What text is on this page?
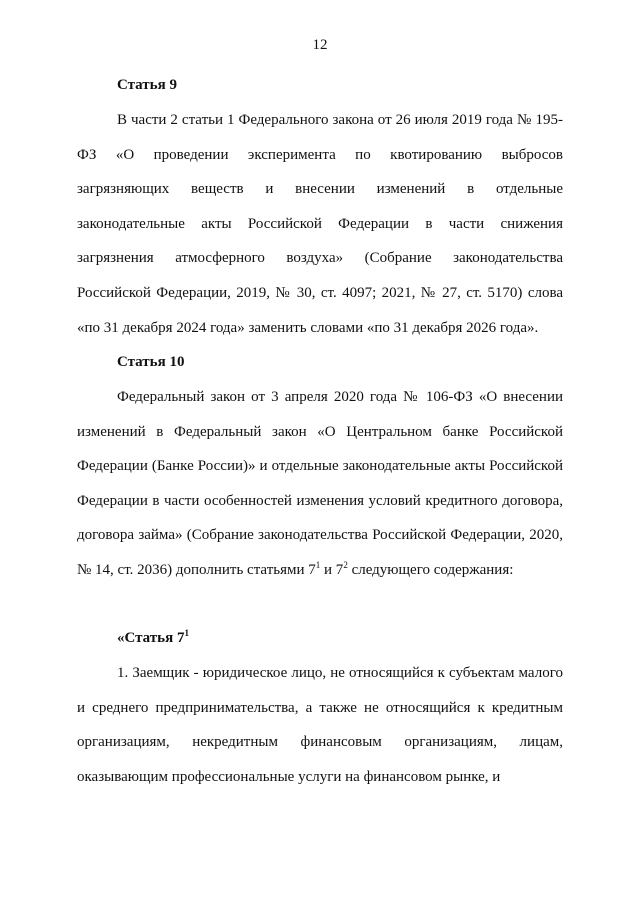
12
Статья 9

В части 2 статьи 1 Федерального закона от 26 июля 2019 года № 195-ФЗ «О проведении эксперимента по квотированию выбросов загрязняющих веществ и внесении изменений в отдельные законодательные акты Российской Федерации в части снижения загрязнения атмосферного воздуха» (Собрание законодательства Российской Федерации, 2019, № 30, ст. 4097; 2021, № 27, ст. 5170) слова «по 31 декабря 2024 года» заменить словами «по 31 декабря 2026 года».

Статья 10

Федеральный закон от 3 апреля 2020 года № 106-ФЗ «О внесении изменений в Федеральный закон «О Центральном банке Российской Федерации (Банке России)» и отдельные законодательные акты Российской Федерации в части особенностей изменения условий кредитного договора, договора займа» (Собрание законодательства Российской Федерации, 2020, № 14, ст. 2036) дополнить статьями $7^1$ и $7^2$ следующего содержания:

«Статья $7^1$

1. Заемщик - юридическое лицо, не относящийся к субъектам малого и среднего предпринимательства, а также не относящийся к кредитным организациям, некредитным финансовым организациям, лицам, оказывающим профессиональные услуги на финансовом рынке, и
